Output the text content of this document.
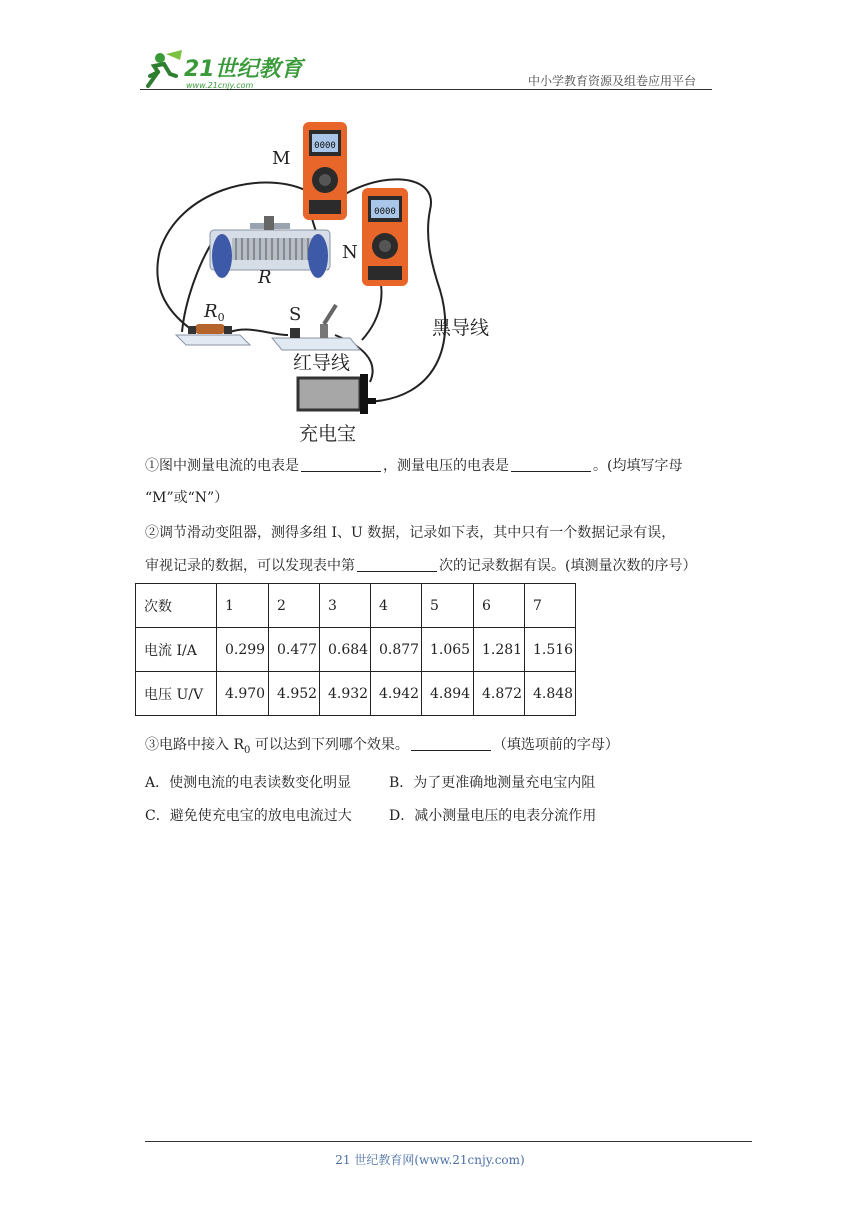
21世纪教育
www.21cnjy.com	中小学教育资源及组卷应用平台
0000
M
0000
N
R
$R_0$	S
黑导线
红导线
充电宝
①图中测量电流的电表是	，测量电压的电表是	。(均填写字母
“M”或“N”）
②调节滑动变阻器，测得多组 I、U 数据，记录如下表，其中只有一个数据记录有误，
审视记录的数据，可以发现表中第	次的记录数据有误。(填测量次数的序号）
次数	1	2	3	4	5	6	7
电流 I/A	0.299	0.477	0.684	0.877	1.065	1.281	1.516
电压 U/V	4.970	4.952	4.932	4.942	4.894	4.872	4.848
③电路中接入 $R_0$ 可以达到下列哪个效果。	（填选项前的字母）
A．使测电流的电表读数变化明显	B．为了更准确地测量充电宝内阻
C．避免使充电宝的放电电流过大	D．减小测量电压的电表分流作用
21 世纪教育网(www.21cnjy.com)
